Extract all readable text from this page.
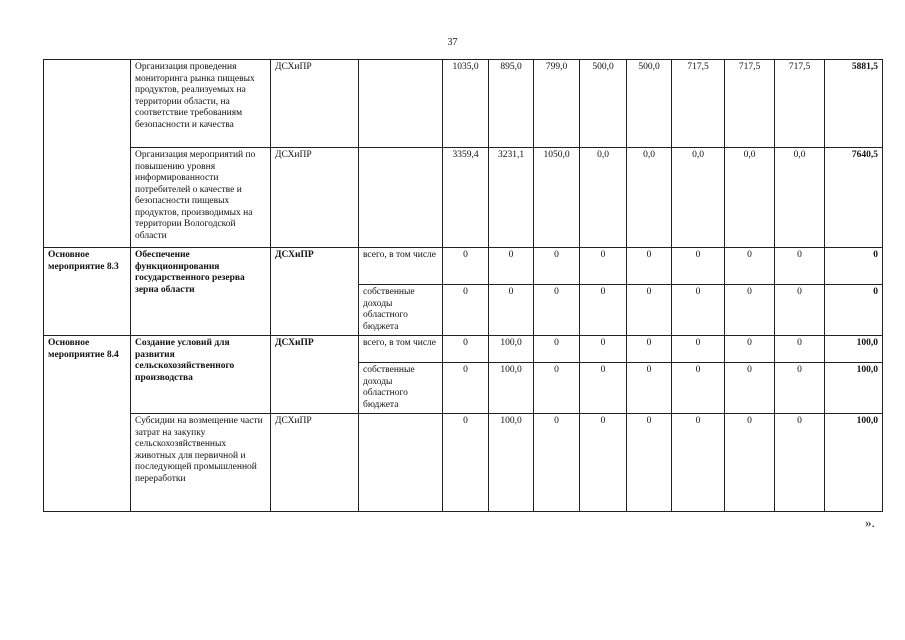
37
	Организация проведения мониторинга рынка пищевых продуктов, реализуемых на территории области, на соответствие требованиям безопасности и качества	ДСХиПР		1035,0	895,0	799,0	500,0	500,0	717,5	717,5	717,5	5881,5
	Организация мероприятий по повышению уровня информированности потребителей о качестве и безопасности пищевых продуктов, производимых на территории Вологодской области	ДСХиПР		3359,4	3231,1	1050,0	0,0	0,0	0,0	0,0	0,0	7640,5
Основное мероприятие 8.3	Обеспечение функционирования государственного резерва зерна области	ДСХиПР	всего, в том числе	0	0	0	0	0	0	0	0	0
			собственные доходы областного бюджета	0	0	0	0	0	0	0	0	0
Основное мероприятие 8.4	Создание условий для развития сельскохозяйственного производства	ДСХиПР	всего, в том числе	0	100,0	0	0	0	0	0	0	100,0
			собственные доходы областного бюджета	0	100,0	0	0	0	0	0	0	100,0
	Субсидии на возмещение части затрат на закупку сельскохозяйственных животных для первичной и последующей промышленной переработки	ДСХиПР		0	100,0	0	0	0	0	0	0	100,0
».
